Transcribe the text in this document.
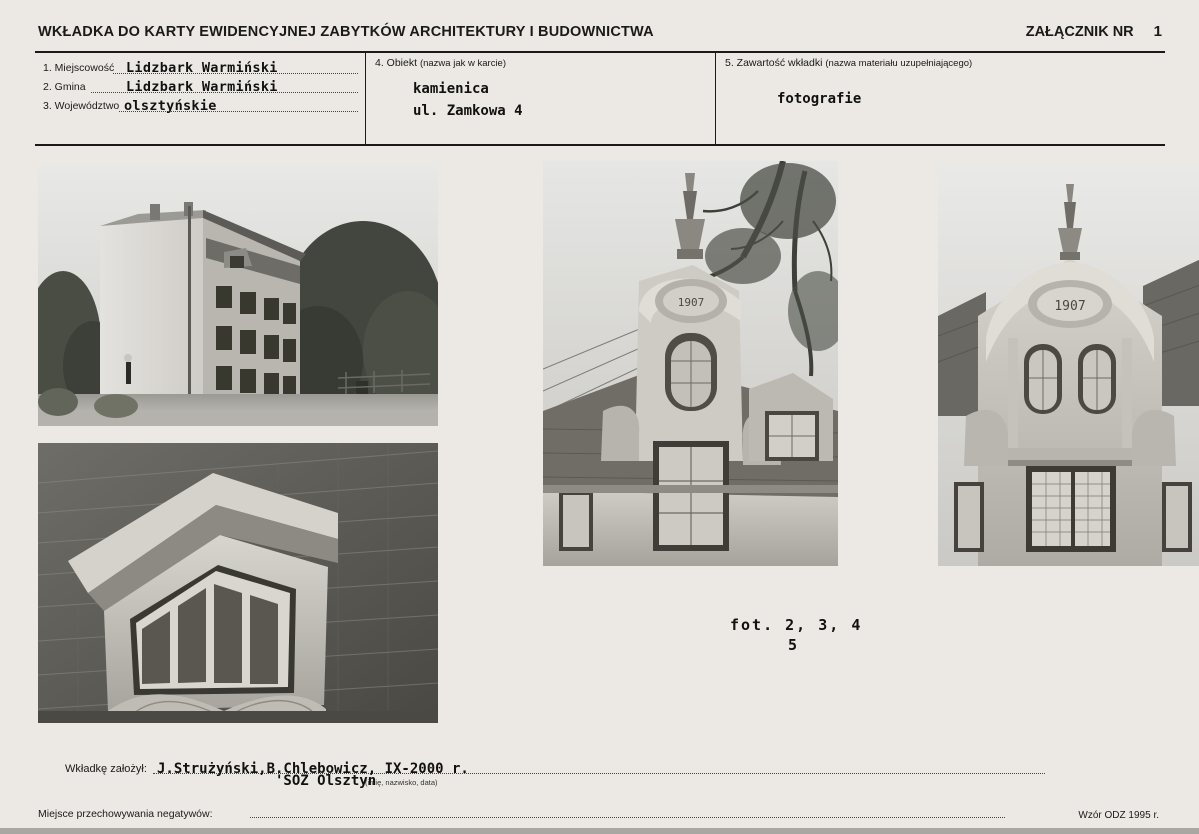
WKŁADKA DO KARTY EWIDENCYJNEJ ZABYTKÓW ARCHITEKTURY I BUDOWNICTWA	ZAŁĄCZNIK NR 1
1. Miejscowość Lidzbark Warmiński
2. Gmina	Lidzbark Warmiński
3. Województwo olsztyńskie
4. Obiekt (nazwa jak w karcie)
kamienica
ul. Zamkowa 4
5. Zawartość wkładki (nazwa materiału uzupełniającego)
fotografie
1907	1907
fot. 2, 3, 4
5
Wkładkę założył: J.Strużyński,B.Chlebowicz, IX-2000 r.
(imię, nazwisko, data)
'SOZ Olsztyn
Miejsce przechowywania negatywów:	Wzór ODZ 1995 r.
